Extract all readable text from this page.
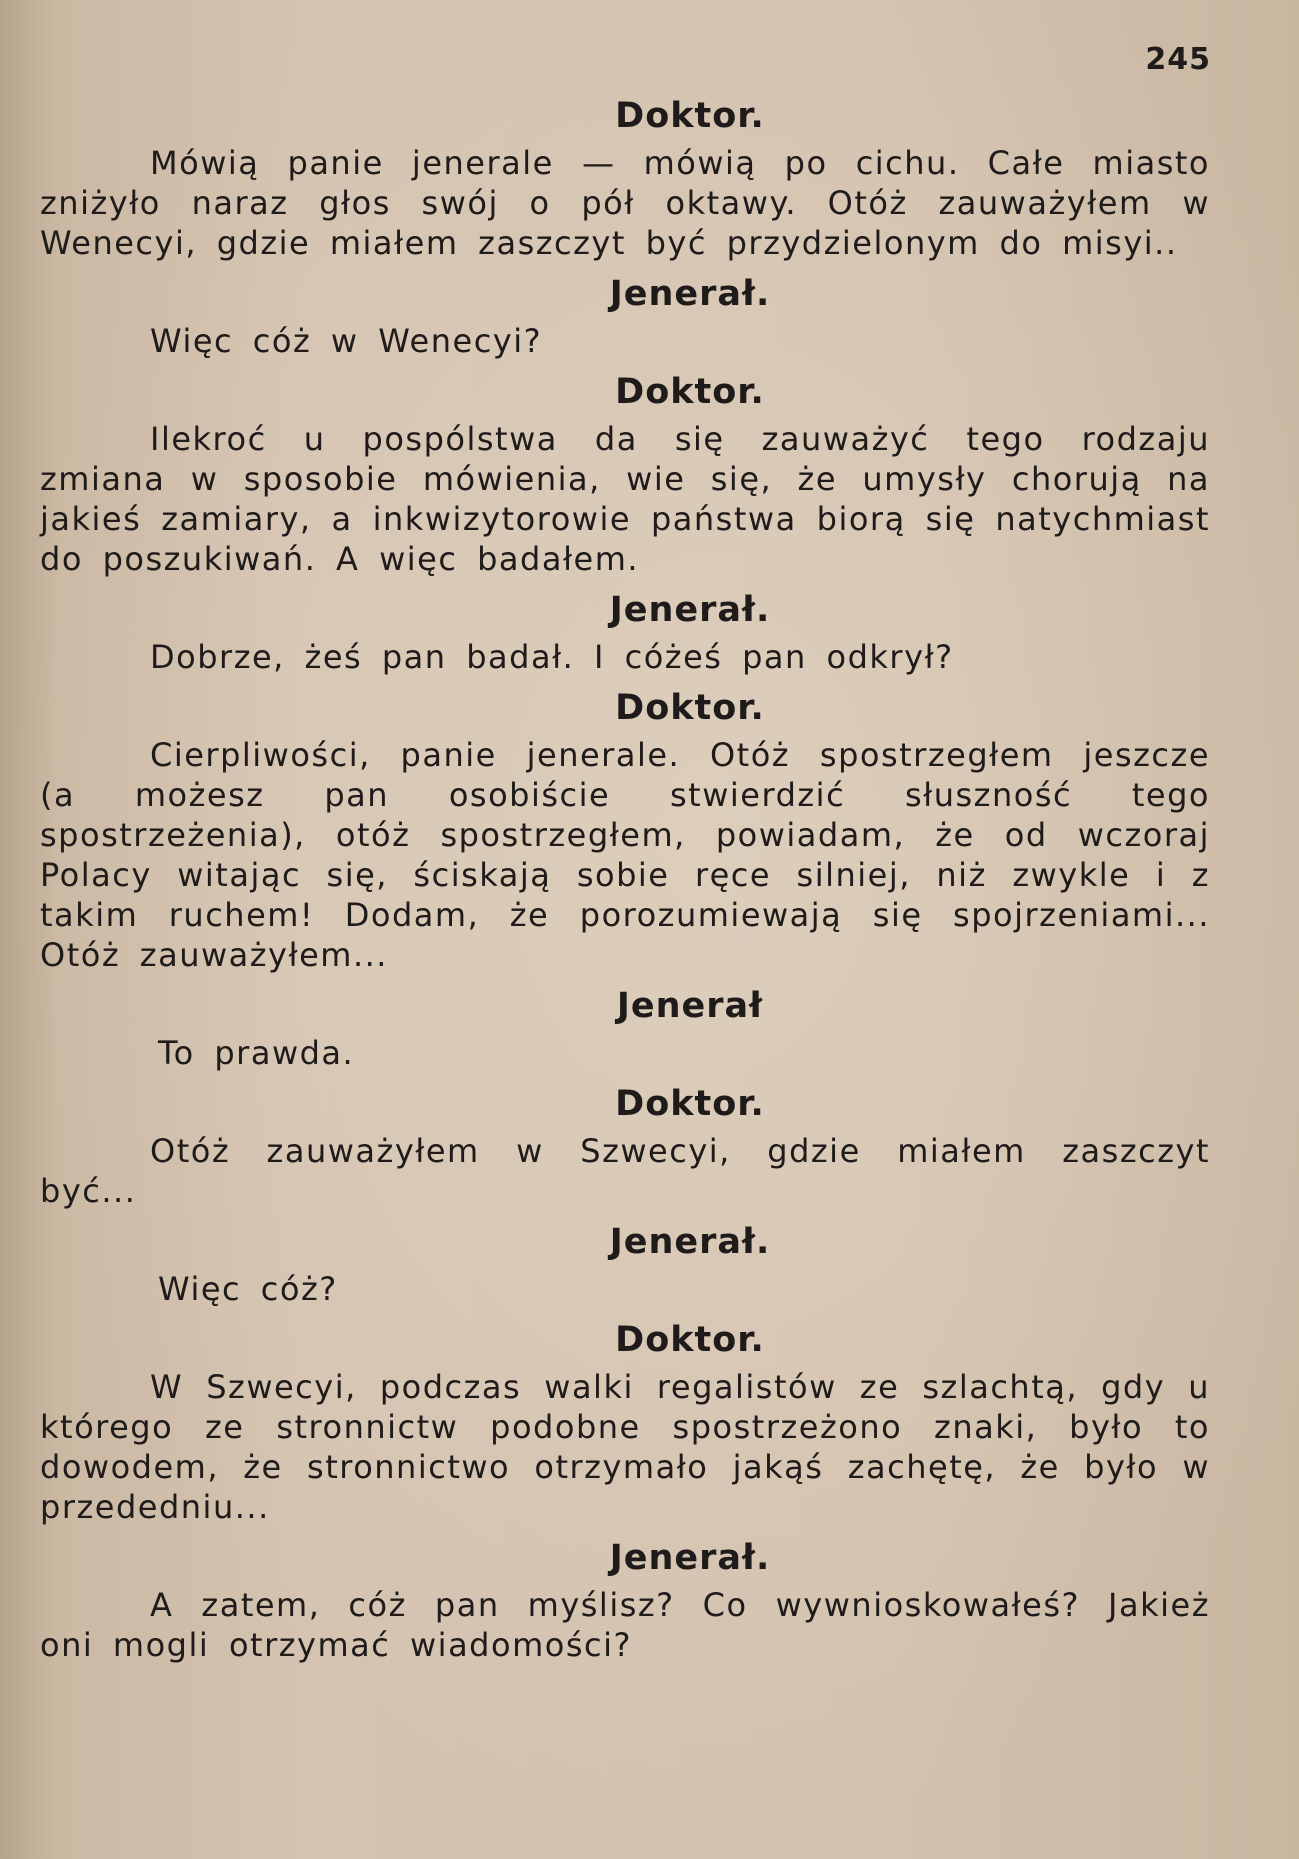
245
Doktor.

Mówią panie jenerale — mówią po cichu. Całe miasto zniżyło naraz głos swój o pół oktawy. Otóż zauważyłem w Wenecyi, gdzie miałem zaszczyt być przydzielonym do misyi..

Jenerał.

Więc cóż w Wenecyi?

Doktor.

Ilekroć u pospólstwa da się zauważyć tego rodzaju zmiana w sposobie mówienia, wie się, że umysły chorują na jakieś zamiary, a inkwizytorowie państwa biorą się natychmiast do poszukiwań. A więc badałem.

Jenerał.

Dobrze, żeś pan badał. I cóżeś pan odkrył?

Doktor.

Cierpliwości, panie jenerale. Otóż spostrzegłem jeszcze (a możesz pan osobiście stwierdzić słuszność tego spostrzeżenia), otóż spostrzegłem, powiadam, że od wczoraj Polacy witając się, ściskają sobie ręce silniej, niż zwykle i z takim ruchem! Dodam, że porozumiewają się spojrzeniami... Otóż zauważyłem...

Jenerał

To prawda.

Doktor.

Otóż zauważyłem w Szwecyi, gdzie miałem zaszczyt być...

Jenerał.

Więc cóż?

Doktor.

W Szwecyi, podczas walki regalistów ze szlachtą, gdy u którego ze stronnictw podobne spostrzeżono znaki, było to dowodem, że stronnictwo otrzymało jakąś zachętę, że było w przededniu...

Jenerał.

A zatem, cóż pan myślisz? Co wywnioskowałeś? Jakież oni mogli otrzymać wiadomości?
